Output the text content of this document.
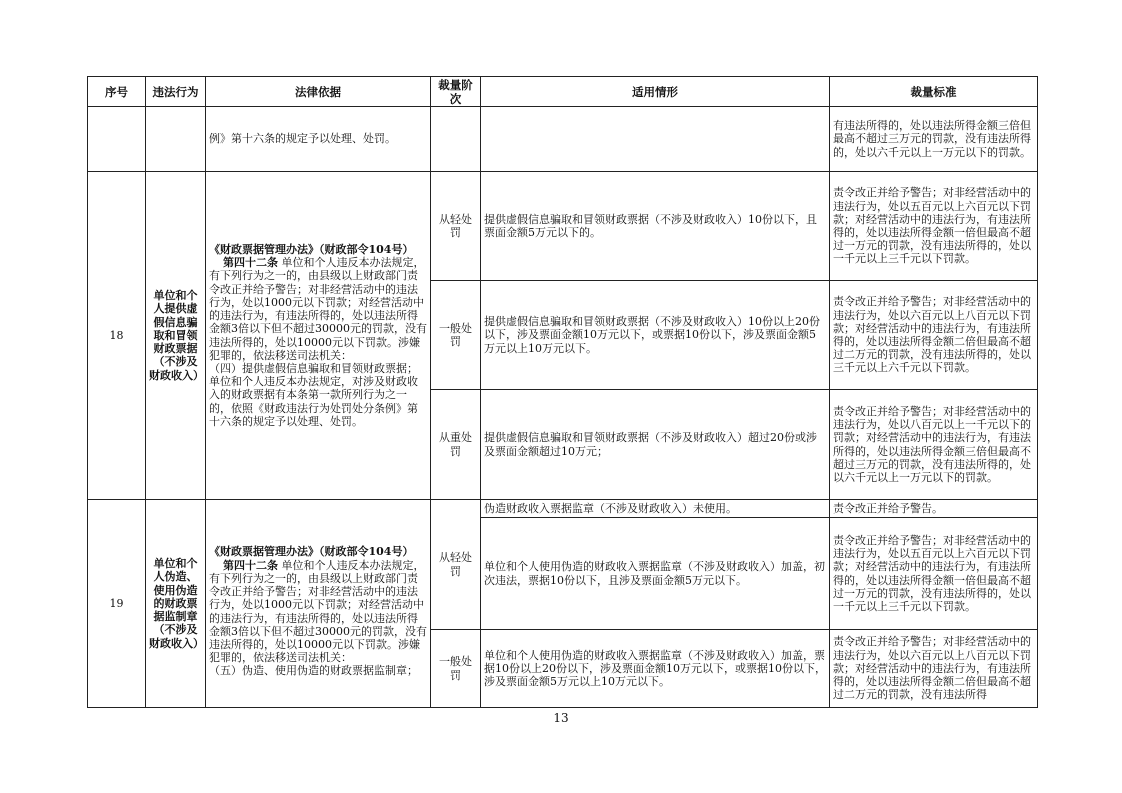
序号	违法行为	法律依据	裁量阶次	适用情形	裁量标准
		例》第十六条的规定予以处理、处罚。			有违法所得的，处以违法所得金额三倍但最高不超过三万元的罚款，没有违法所得的，处以六千元以上一万元以下的罚款。
18	单位和个人提供虚假信息骗取和冒领财政票据（不涉及财政收入）	《财政票据管理办法》（财政部令104号）
第四十二条 单位和个人违反本办法规定，有下列行为之一的，由县级以上财政部门责令改正并给予警告；对非经营活动中的违法行为，处以1000元以下罚款；对经营活动中的违法行为，有违法所得的，处以违法所得金额3倍以下但不超过30000元的罚款，没有违法所得的，处以10000元以下罚款。涉嫌犯罪的，依法移送司法机关：
（四）提供虚假信息骗取和冒领财政票据；
单位和个人违反本办法规定，对涉及财政收入的财政票据有本条第一款所列行为之一的，依照《财政违法行为处罚处分条例》第十六条的规定予以处理、处罚。	从轻处罚	提供虚假信息骗取和冒领财政票据（不涉及财政收入）10份以下，且票面金额5万元以下的。	责令改正并给予警告；对非经营活动中的违法行为，处以五百元以上六百元以下罚款；对经营活动中的违法行为，有违法所得的，处以违法所得金额一倍但最高不超过一万元的罚款，没有违法所得的，处以一千元以上三千元以下罚款。
			一般处罚	提供虚假信息骗取和冒领财政票据（不涉及财政收入）10份以上20份以下，涉及票面金额10万元以下，或票据10份以下，涉及票面金额5万元以上10万元以下。	责令改正并给予警告；对非经营活动中的违法行为，处以六百元以上八百元以下罚款；对经营活动中的违法行为，有违法所得的，处以违法所得金额二倍但最高不超过二万元的罚款，没有违法所得的，处以三千元以上六千元以下罚款。
			从重处罚	提供虚假信息骗取和冒领财政票据（不涉及财政收入）超过20份或涉及票面金额超过10万元；	责令改正并给予警告；对非经营活动中的违法行为，处以八百元以上一千元以下的罚款；对经营活动中的违法行为，有违法所得的，处以违法所得金额三倍但最高不超过三万元的罚款，没有违法所得的，处以六千元以上一万元以下的罚款。
19	单位和个人伪造、使用伪造的财政票据监制章（不涉及财政收入）	《财政票据管理办法》（财政部令104号）
第四十二条 单位和个人违反本办法规定，有下列行为之一的，由县级以上财政部门责令改正并给予警告；对非经营活动中的违法行为，处以1000元以下罚款；对经营活动中的违法行为，有违法所得的，处以违法所得金额3倍以下但不超过30000元的罚款，没有违法所得的，处以10000元以下罚款。涉嫌犯罪的，依法移送司法机关：
（五）伪造、使用伪造的财政票据监制章；	从轻处罚	伪造财政收入票据监章（不涉及财政收入）未使用。	责令改正并给予警告。
				单位和个人使用伪造的财政收入票据监章（不涉及财政收入）加盖，初次违法，票据10份以下，且涉及票面金额5万元以下。	责令改正并给予警告；对非经营活动中的违法行为，处以五百元以上六百元以下罚款；对经营活动中的违法行为，有违法所得的，处以违法所得金额一倍但最高不超过一万元的罚款，没有违法所得的，处以一千元以上三千元以下罚款。
			一般处罚	单位和个人使用伪造的财政收入票据监章（不涉及财政收入）加盖，票据10份以上20份以下，涉及票面金额10万元以下，或票据10份以下，涉及票面金额5万元以上10万元以下。	责令改正并给予警告；对非经营活动中的违法行为，处以六百元以上八百元以下罚款；对经营活动中的违法行为，有违法所得的，处以违法所得金额二倍但最高不超过二万元的罚款，没有违法所得
13
